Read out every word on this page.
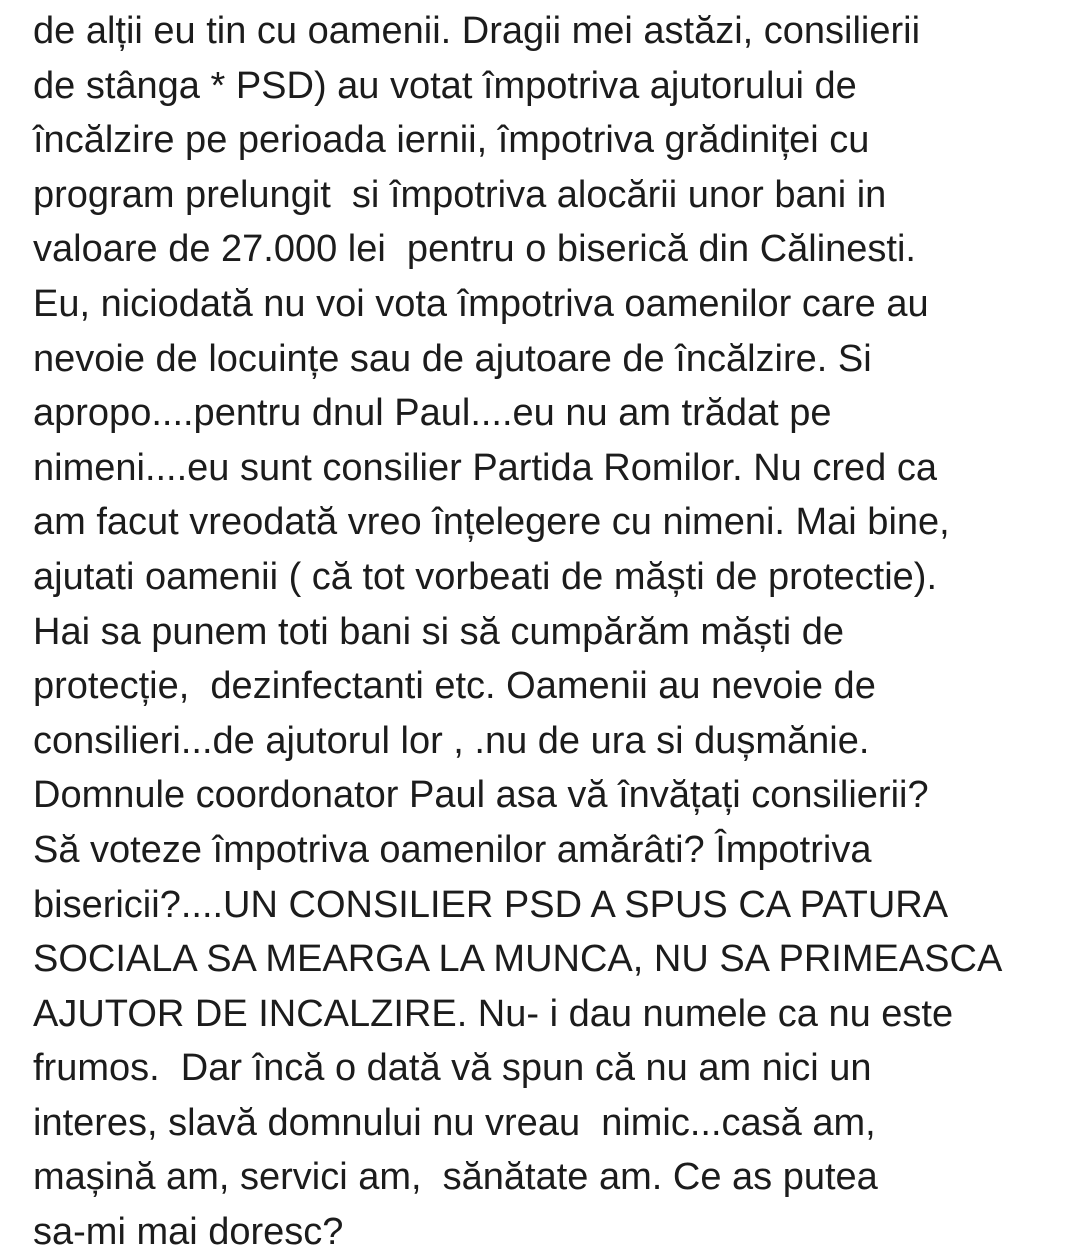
de alții eu tin cu oamenii. Dragii mei astăzi, consilierii
de stânga * PSD) au votat împotriva ajutorului de
încălzire pe perioada iernii, împotriva grădiniței cu
program prelungit  si împotriva alocării unor bani in
valoare de 27.000 lei  pentru o biserică din Călinesti.
Eu, niciodată nu voi vota împotriva oamenilor care au
nevoie de locuințe sau de ajutoare de încălzire. Si
apropo....pentru dnul Paul....eu nu am trădat pe
nimeni....eu sunt consilier Partida Romilor. Nu cred ca
am facut vreodată vreo înțelegere cu nimeni. Mai bine,
ajutati oamenii ( că tot vorbeati de măști de protectie).
Hai sa punem toti bani si să cumpărăm măști de
protecție,  dezinfectanti etc. Oamenii au nevoie de
consilieri...de ajutorul lor , .nu de ura si dușmănie.
Domnule coordonator Paul asa vă învățați consilierii?
Să voteze împotriva oamenilor amărâti? Împotriva
bisericii?....UN CONSILIER PSD A SPUS CA PATURA
SOCIALA SA MEARGA LA MUNCA, NU SA PRIMEASCA
AJUTOR DE INCALZIRE. Nu- i dau numele ca nu este
frumos.  Dar încă o dată vă spun că nu am nici un
interes, slavă domnului nu vreau  nimic...casă am,
mașină am, servici am,  sănătate am. Ce as putea
sa-mi mai doresc?
